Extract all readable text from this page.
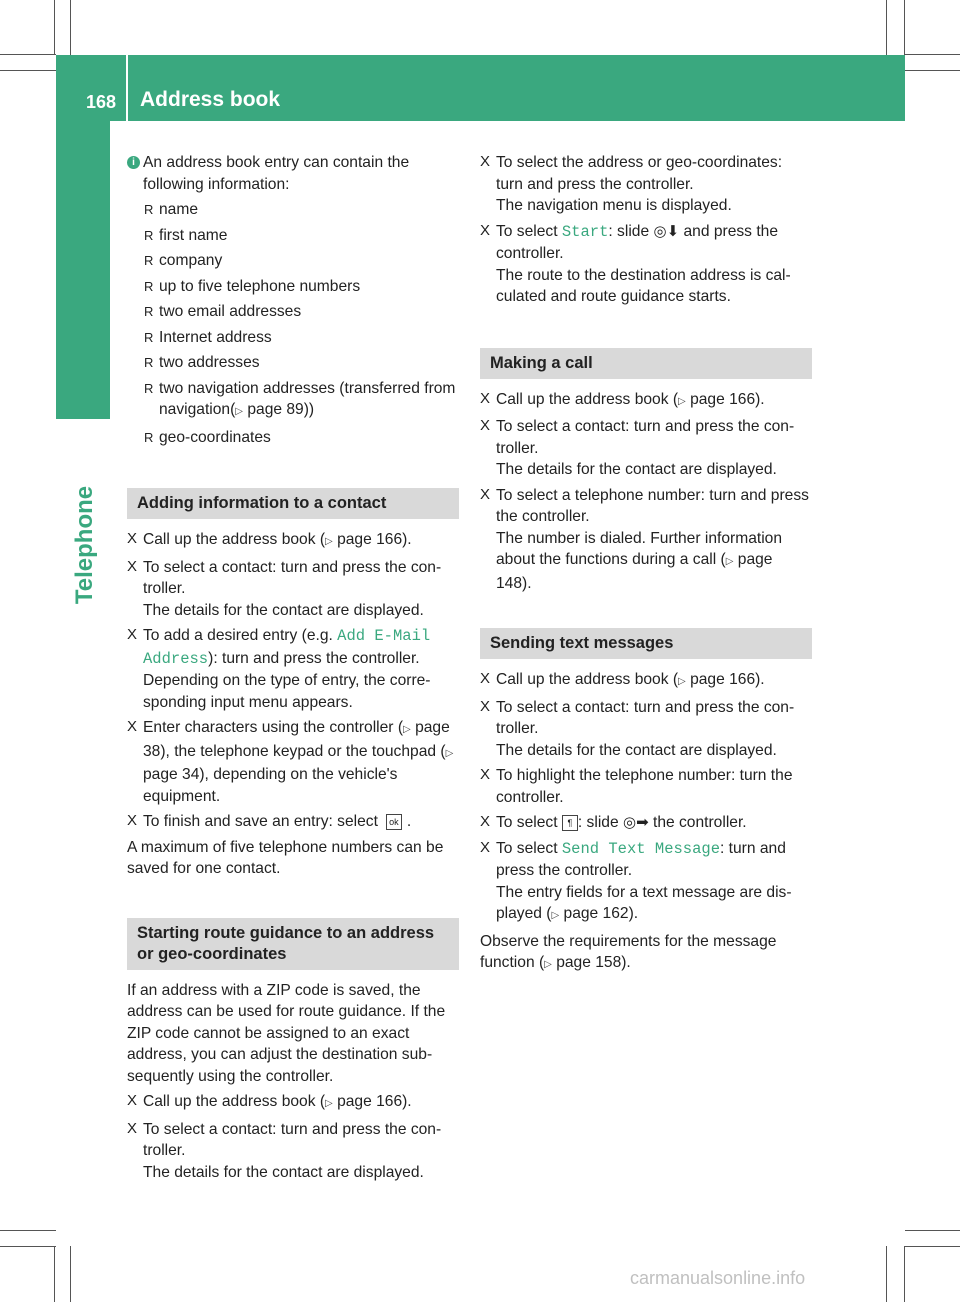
168 Address book
Telephone
i An address book entry can contain the following information:
R name
R first name
R company
R up to five telephone numbers
R two email addresses
R Internet address
R two addresses
R two navigation addresses (transferred from navigation(▷ page 89))
R geo-coordinates
Adding information to a contact
X Call up the address book (▷ page 166).
X To select a contact: turn and press the con-troller.
The details for the contact are displayed.
X To add a desired entry (e.g. Add E-Mail Address): turn and press the controller.
Depending on the type of entry, the corre-sponding input menu appears.
X Enter characters using the controller (▷ page 38), the telephone keypad or the touchpad (▷ page 34), depending on the vehicle's equipment.
X To finish and save an entry: select ok .

A maximum of five telephone numbers can be saved for one contact.

Starting route guidance to an address or geo-coordinates

If an address with a ZIP code is saved, the address can be used for route guidance. If the ZIP code cannot be assigned to an exact address, you can adjust the destination sub-sequently using the controller.

X Call up the address book (▷ page 166).
X To select a contact: turn and press the con-troller.
The details for the contact are displayed.
X To select the address or geo-coordinates: turn and press the controller.
The navigation menu is displayed.
X To select Start: slide ◎⬇ and press the controller.
The route to the destination address is cal-culated and route guidance starts.
Making a call
X Call up the address book (▷ page 166).
X To select a contact: turn and press the con-troller.
The details for the contact are displayed.
X To select a telephone number: turn and press the controller.
The number is dialed. Further information about the functions during a call (▷ page 148).
Sending text messages
X Call up the address book (▷ page 166).
X To select a contact: turn and press the con-troller.
The details for the contact are displayed.
X To highlight the telephone number: turn the controller.
X To select ¶ : slide ◎➡ the controller.
X To select Send Text Message: turn and press the controller.
The entry fields for a text message are dis-played (▷ page 162).

Observe the requirements for the message function (▷ page 158).

carmanualsonline.info
